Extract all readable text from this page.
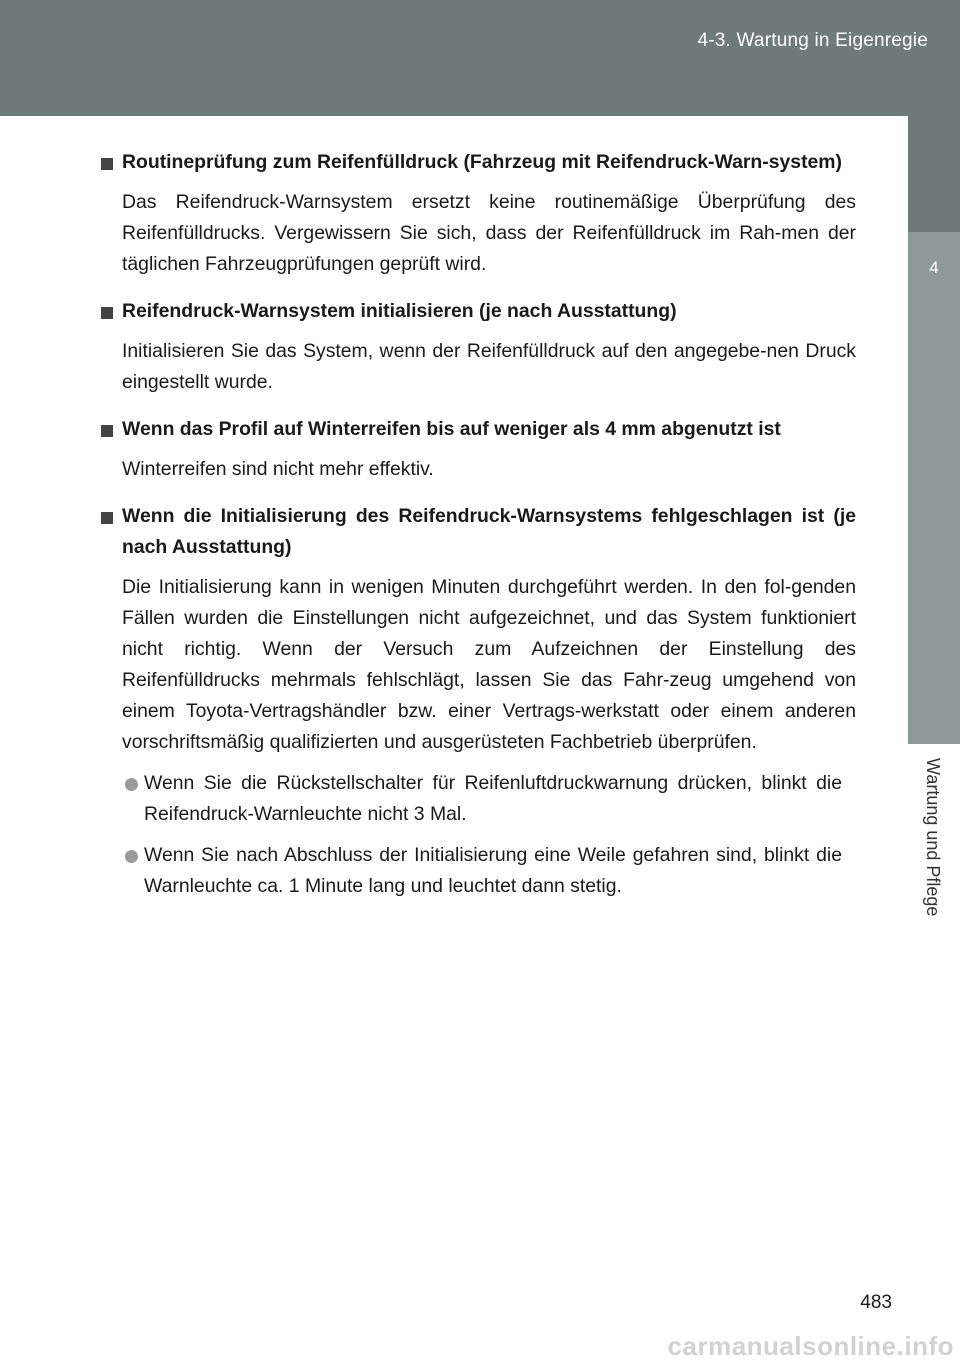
4-3. Wartung in Eigenregie
4
Wartung und Pflege
Routineprüfung zum Reifenfülldruck (Fahrzeug mit Reifendruck-Warn-system)
Das Reifendruck-Warnsystem ersetzt keine routinemäßige Überprüfung des Reifenfülldrucks. Vergewissern Sie sich, dass der Reifenfülldruck im Rah-men der täglichen Fahrzeugprüfungen geprüft wird.
Reifendruck-Warnsystem initialisieren (je nach Ausstattung)
Initialisieren Sie das System, wenn der Reifenfülldruck auf den angegebe-nen Druck eingestellt wurde.
Wenn das Profil auf Winterreifen bis auf weniger als 4 mm abgenutzt ist
Winterreifen sind nicht mehr effektiv.
Wenn die Initialisierung des Reifendruck-Warnsystems fehlgeschlagen ist (je nach Ausstattung)
Die Initialisierung kann in wenigen Minuten durchgeführt werden. In den fol-genden Fällen wurden die Einstellungen nicht aufgezeichnet, und das System funktioniert nicht richtig. Wenn der Versuch zum Aufzeichnen der Einstellung des Reifenfülldrucks mehrmals fehlschlägt, lassen Sie das Fahr-zeug umgehend von einem Toyota-Vertragshändler bzw. einer Vertrags-werkstatt oder einem anderen vorschriftsmäßig qualifizierten und ausgerüsteten Fachbetrieb überprüfen.
Wenn Sie die Rückstellschalter für Reifenluftdruckwarnung drücken, blinkt die Reifendruck-Warnleuchte nicht 3 Mal.
Wenn Sie nach Abschluss der Initialisierung eine Weile gefahren sind, blinkt die Warnleuchte ca. 1 Minute lang und leuchtet dann stetig.
483
carmanualsonline.info
